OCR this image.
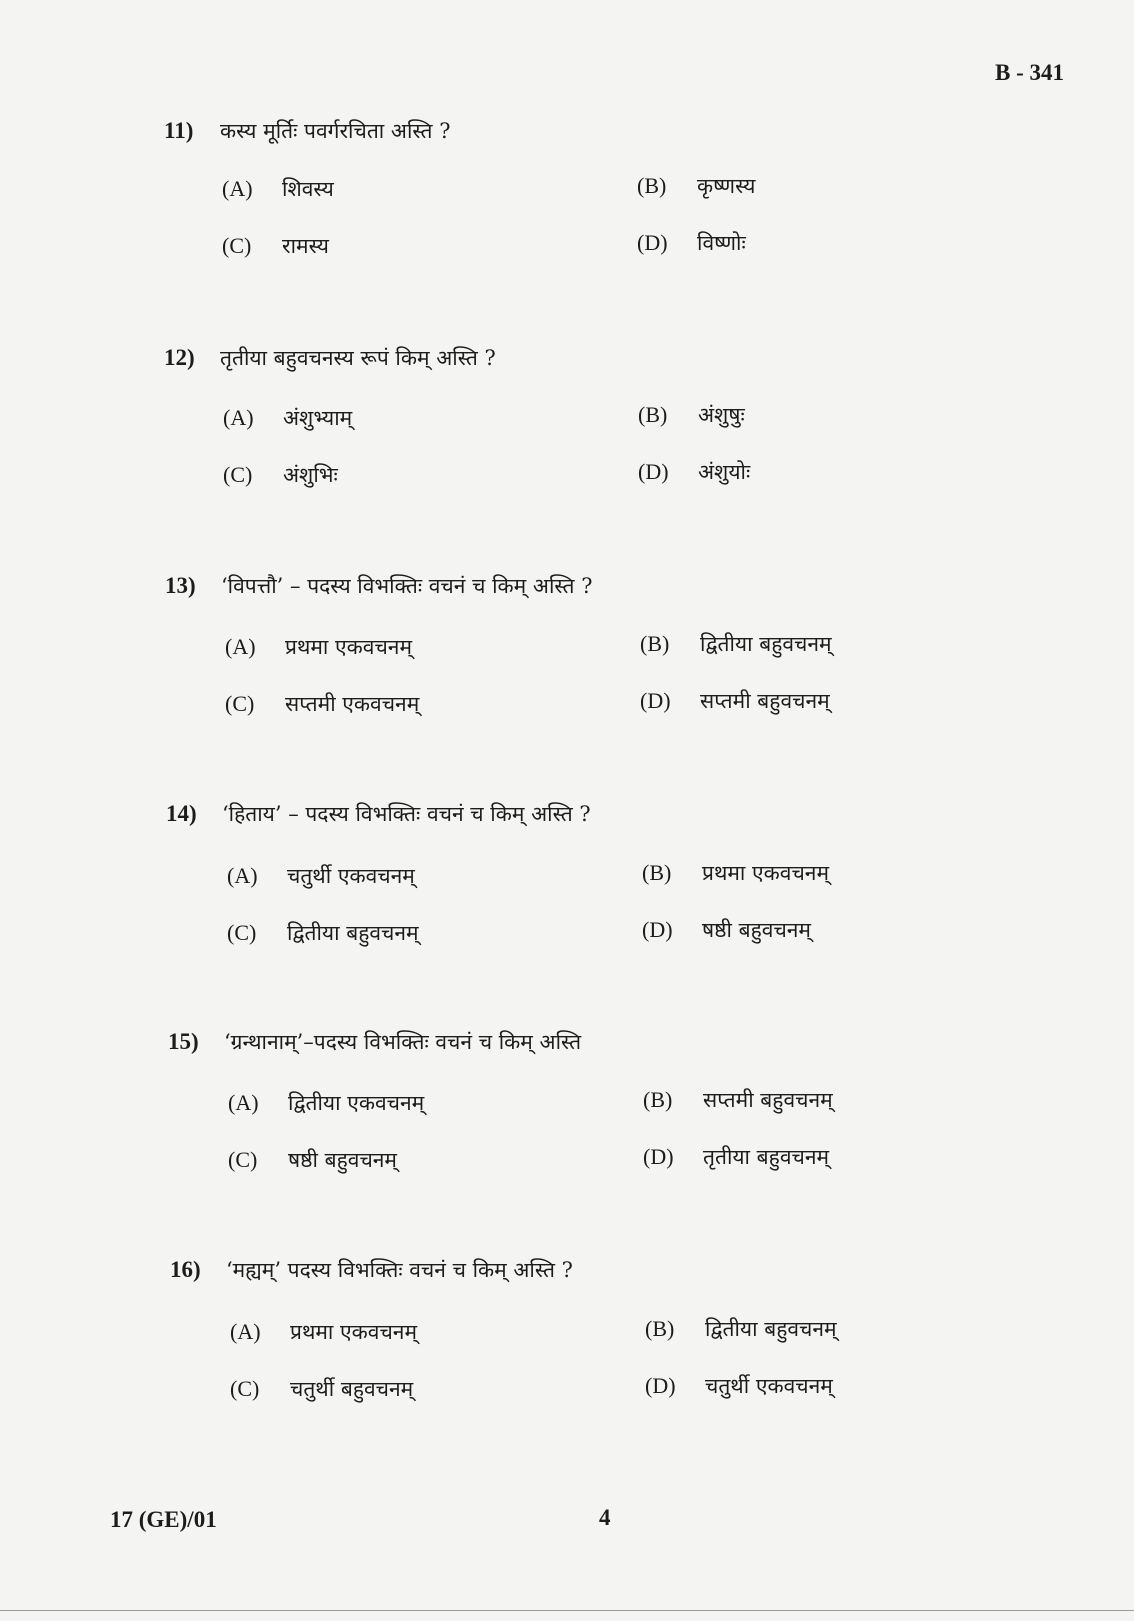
B - 341
11)	कस्य मूर्तिः पवर्गरचिता अस्ति ?
(A)	शिवस्य	(B)	कृष्णस्य
(C)	रामस्य	(D)	विष्णोः
12)	तृतीया बहुवचनस्य रूपं किम् अस्ति ?
(A)	अंशुभ्याम्	(B)	अंशुषुः
(C)	अंशुभिः	(D)	अंशुयोः
13)	‘विपत्तौ’ – पदस्य विभक्तिः वचनं च किम् अस्ति ?
(A)	प्रथमा एकवचनम्	(B)	द्वितीया बहुवचनम्
(C)	सप्तमी एकवचनम्	(D)	सप्तमी बहुवचनम्
14)	‘हिताय’ – पदस्य विभक्तिः वचनं च किम् अस्ति ?
(A)	चतुर्थी एकवचनम्	(B)	प्रथमा एकवचनम्
(C)	द्वितीया बहुवचनम्	(D)	षष्ठी बहुवचनम्
15)	‘ग्रन्थानाम्’–पदस्य विभक्तिः वचनं च किम् अस्ति
(A)	द्वितीया एकवचनम्	(B)	सप्तमी बहुवचनम्
(C)	षष्ठी बहुवचनम्	(D)	तृतीया बहुवचनम्
16)	‘मह्यम्’ पदस्य विभक्तिः वचनं च किम् अस्ति ?
(A)	प्रथमा एकवचनम्	(B)	द्वितीया बहुवचनम्
(C)	चतुर्थी बहुवचनम्	(D)	चतुर्थी एकवचनम्
17 (GE)/01	4
